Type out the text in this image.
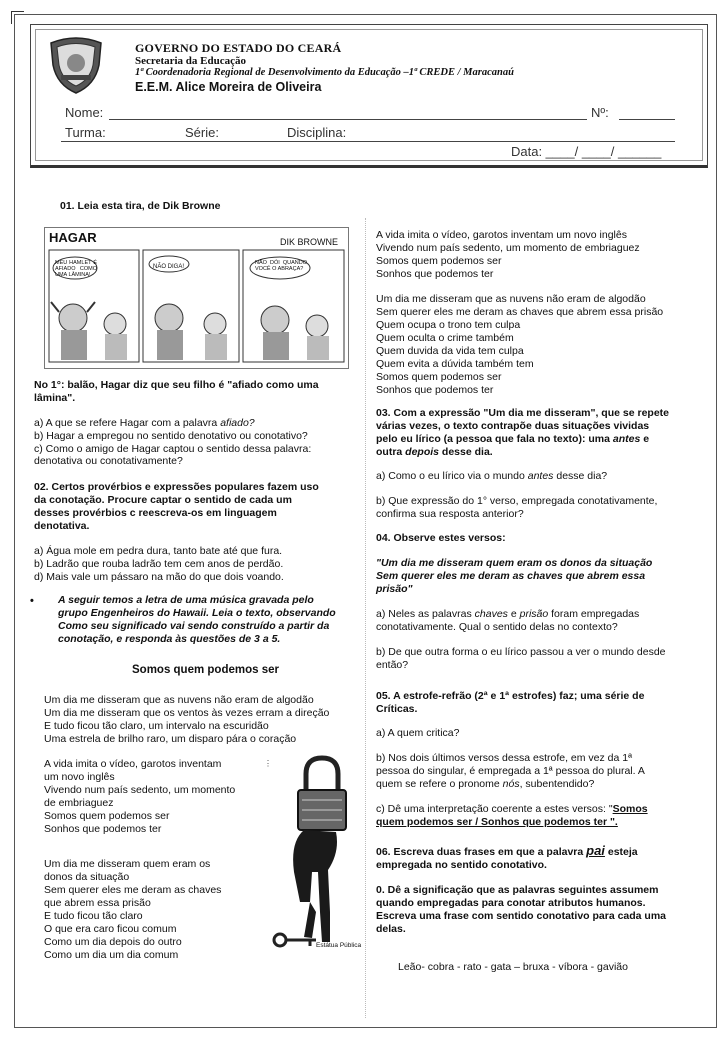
GOVERNO DO ESTADO DO CEARÁ
Secretaria da Educação
1ª Coordenadoria Regional de Desenvolvimento da Educação –1ª CREDE / Maracanaú
E.E.M. Alice Moreira de Oliveira
Nome:	Nº:
Turma:	Série:	Disciplina:
Data: ____/ ____/ ______
01. Leia esta tira, de Dik Browne
HAGAR	DIK BROWNE
MEU HAMLET É AFIADO COMO UMA LÂMINA!
NÃO DIGA!
NÃO DÓI QUANDO VOCÊ O ABRAÇA?
No 1°: balão, Hagar diz que seu filho é "afiado como uma
lâmina".
a) A que se refere Hagar com a palavra afiado?
b) Hagar a empregou no sentido denotativo ou conotativo?
c) Como o amigo de Hagar captou o sentido dessa palavra:
denotativa ou conotativamente?
02. Certos provérbios e expressões populares fazem uso
da conotação. Procure captar o sentido de cada um
desses provérbios c reescreva-os em linguagem
denotativa.
a) Água mole em pedra dura, tanto bate até que fura.
b) Ladrão que rouba ladrão tem cem anos de perdão.
d) Mais vale um pássaro na mão do que dois voando.
• A seguir temos a letra de uma música gravada pelo
grupo Engenheiros do Hawaii. Leia o texto, observando
Como seu significado vai sendo construído a partir da
conotação, e responda às questões de 3 a 5.
Somos quem podemos ser
Um dia me disseram que as nuvens não eram de algodão
Um dia me disseram que os ventos às vezes erram a direção
E tudo ficou tão claro, um intervalo na escuridão
Uma estrela de brilho raro, um disparo pára o coração
A vida imita o vídeo, garotos inventam
um novo inglês
Vivendo num país sedento, um momento
de embriaguez
Somos quem podemos ser
Sonhos que podemos ter
Um dia me disseram quem eram os
donos da situação
Sem querer eles me deram as chaves
que abrem essa prisão
E tudo ficou tão claro
O que era caro ficou comum
Como um dia depois do outro
Como um dia um dia comum
⋮
Estátua Pública
A vida imita o vídeo, garotos inventam um novo inglês
Vivendo num país sedento, um momento de embriaguez
Somos quem podemos ser
Sonhos que podemos ter
Um dia me disseram que as nuvens não eram de algodão
Sem querer eles me deram as chaves que abrem essa prisão
Quem ocupa o trono tem culpa
Quem oculta o crime também
Quem duvida da vida tem culpa
Quem evita a dúvida também tem
Somos quem podemos ser
Sonhos que podemos ter
03. Com a expressão "Um dia me disseram", que se repete
várias vezes, o texto contrapõe duas situações vividas
pelo eu lírico (a pessoa que fala no texto): uma antes e
outra depois desse dia.
a) Como o eu lírico via o mundo antes desse dia?
b) Que expressão do 1° verso, empregada conotativamente,
confirma sua resposta anterior?
04. Observe estes versos:
"Um dia me disseram quem eram os donos da situação
Sem querer eles me deram as chaves que abrem essa
prisão"
a) Neles as palavras chaves e prisão foram empregadas
conotativamente. Qual o sentido delas no contexto?
b) De que outra forma o eu lírico passou a ver o mundo desde
então?
05. A estrofe-refrão (2ª e 1ª estrofes) faz; uma série de
Críticas.
a) A quem critica?
b) Nos dois últimos versos dessa estrofe, em vez da 1ª
pessoa do singular, é empregada a 1ª pessoa do plural. A
quem se refere o pronome nós, subentendido?
c) Dê uma interpretação coerente a estes versos: "Somos
quem podemos ser / Sonhos que podemos ter ".
06. Escreva duas frases em que a palavra pai esteja
empregada no sentido conotativo.
0. Dê a significação que as palavras seguintes assumem
quando empregadas para conotar atributos humanos.
Escreva uma frase com sentido conotativo para cada uma
delas.
Leão- cobra - rato - gata – bruxa - víbora - gavião
